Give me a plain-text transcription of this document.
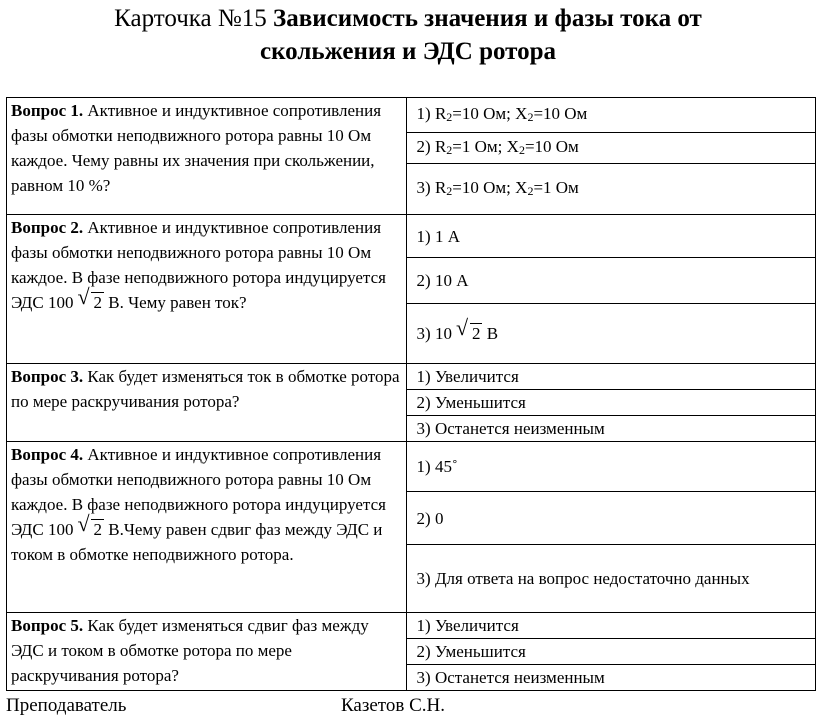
Карточка №15 Зависимость значения и фазы тока от
скольжения и ЭДС ротора
Вопрос 1. Активное и индуктивное сопротивления фазы обмотки неподвижного ротора равны 10 Ом каждое. Чему равны их значения при скольжении, равном 10 %?	1) $R_2=10$ Ом; $X_2=10$ Ом
	2) $R_2=1$ Ом; $X_2=10$ Ом
	3) $R_2=10$ Ом; $X_2=1$ Ом
Вопрос 2. Активное и индуктивное сопротивления фазы обмотки неподвижного ротора равны 10 Ом каждое. В фазе неподвижного ротора индуцируется ЭДС 100 √ 2 В. Чему равен ток?	1) 1 А
	2) 10 А
	3) 10 √ 2 В
Вопрос 3. Как будет изменяться ток в обмотке ротора по мере раскручивания ротора?	1) Увеличится
	2) Уменьшится
	3) Останется неизменным
Вопрос 4. Активное и индуктивное сопротивления фазы обмотки неподвижного ротора равны 10 Ом каждое. В фазе неподвижного ротора индуцируется ЭДС 100 √ 2 В.Чему равен сдвиг фаз между ЭДС и током в обмотке неподвижного ротора.	1) 45˚
	2) 0
	3) Для ответа на вопрос недостаточно данных
Вопрос 5. Как будет изменяться сдвиг фаз между ЭДС и током в обмотке ротора по мере раскручивания ротора?	1) Увеличится
	2) Уменьшится
	3) Останется неизменным
Преподаватель	Казетов С.Н.
